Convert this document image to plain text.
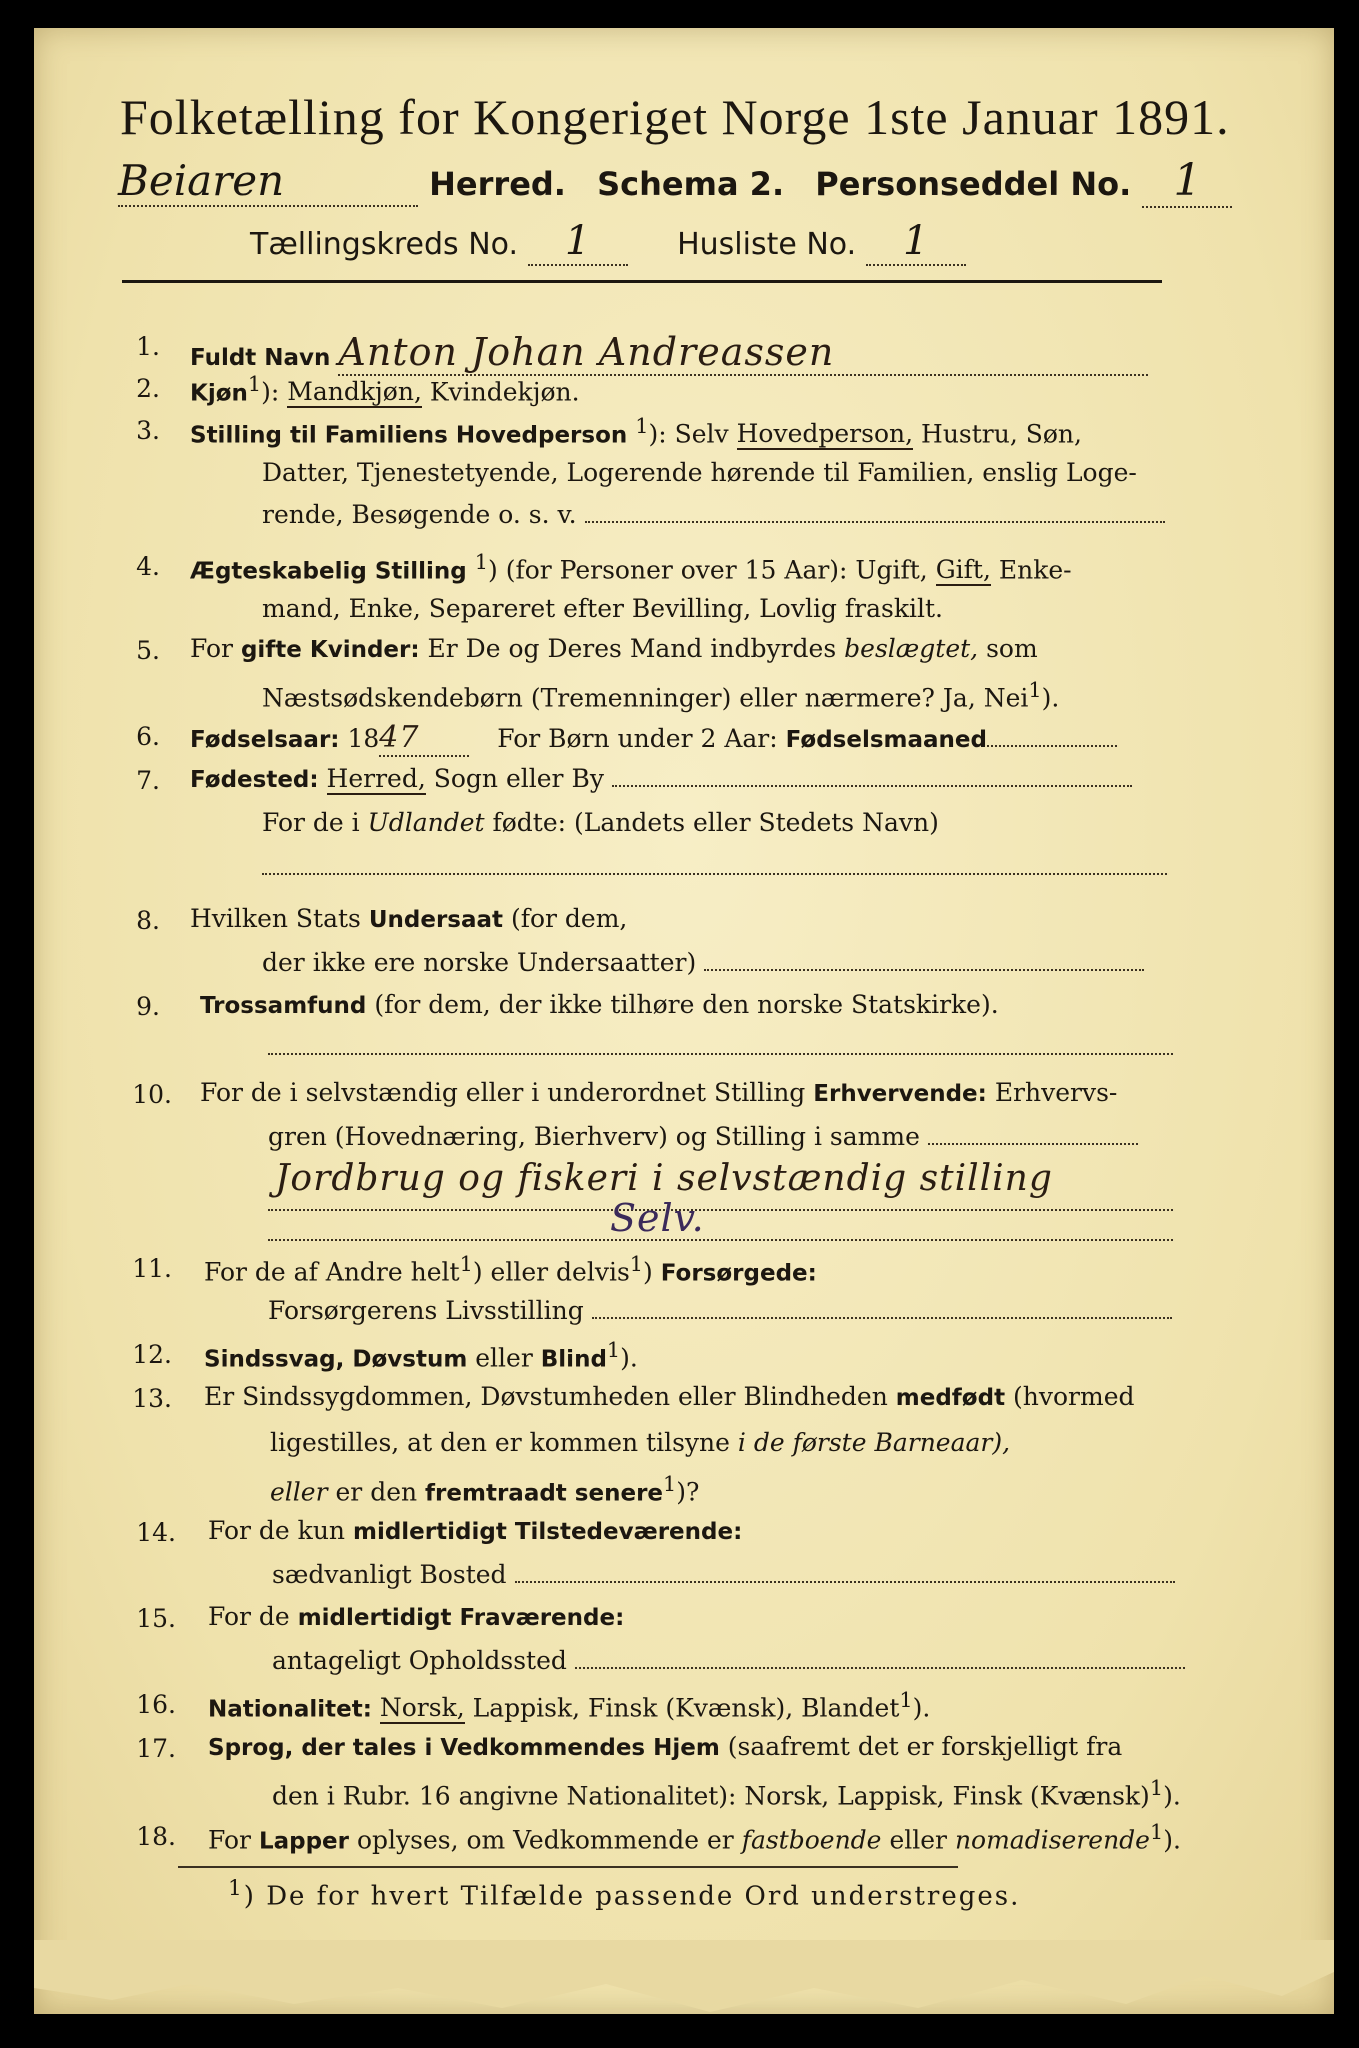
Folketælling for Kongeriget Norge 1ste Januar 1891.
Beiaren	Herred. Schema 2. Personseddel No. 1
Tællingskreds No. 1	Husliste No. 1
1. Fuldt Navn Anton Johan Andreassen
2. Kjøn$^1$): Mandkjøn, Kvindekjøn.
3. Stilling til Familiens Hovedperson $^1$): Selv Hovedperson, Hustru, Søn,
Datter, Tjenestetyende, Logerende hørende til Familien, enslig Loge-
rende, Besøgende o. s. v.
4. Ægteskabelig Stilling $^1$) (for Personer over 15 Aar): Ugift, Gift, Enke-
mand, Enke, Separeret efter Bevilling, Lovlig fraskilt.
5. For gifte Kvinder: Er De og Deres Mand indbyrdes beslægtet, som
Næstsødskendebørn (Tremenninger) eller nærmere? Ja, Nei$^1$).
6. Fødselsaar: 1847	For Børn under 2 Aar: Fødselsmaaned
7. Fødested: Herred, Sogn eller By
For de i Udlandet fødte: (Landets eller Stedets Navn)
8. Hvilken Stats Undersaat (for dem,
der ikke ere norske Undersaatter)
9. Trossamfund (for dem, der ikke tilhøre den norske Statskirke).
10. For de i selvstændig eller i underordnet Stilling Erhvervende: Erhvervs-
gren (Hovednæring, Bierhverv) og Stilling i samme
Jordbrug og fiskeri i selvstændig stilling
Selv.
11. For de af Andre helt$^1$) eller delvis$^1$) Forsørgede:
Forsørgerens Livsstilling
12. Sindssvag, Døvstum eller Blind$^1$).
13. Er Sindssygdommen, Døvstumheden eller Blindheden medfødt (hvormed
ligestilles, at den er kommen tilsyne i de første Barneaar),
eller er den fremtraadt senere$^1$)?
14. For de kun midlertidigt Tilstedeværende:
sædvanligt Bosted
15. For de midlertidigt Fraværende:
antageligt Opholdssted
16. Nationalitet: Norsk, Lappisk, Finsk (Kvænsk), Blandet$^1$).
17. Sprog, der tales i Vedkommendes Hjem (saafremt det er forskjelligt fra
den i Rubr. 16 angivne Nationalitet): Norsk, Lappisk, Finsk (Kvænsk)$^1$).
18. For Lapper oplyses, om Vedkommende er fastboende eller nomadiserende$^1$).
$^1$) De for hvert Tilfælde passende Ord understreges.
